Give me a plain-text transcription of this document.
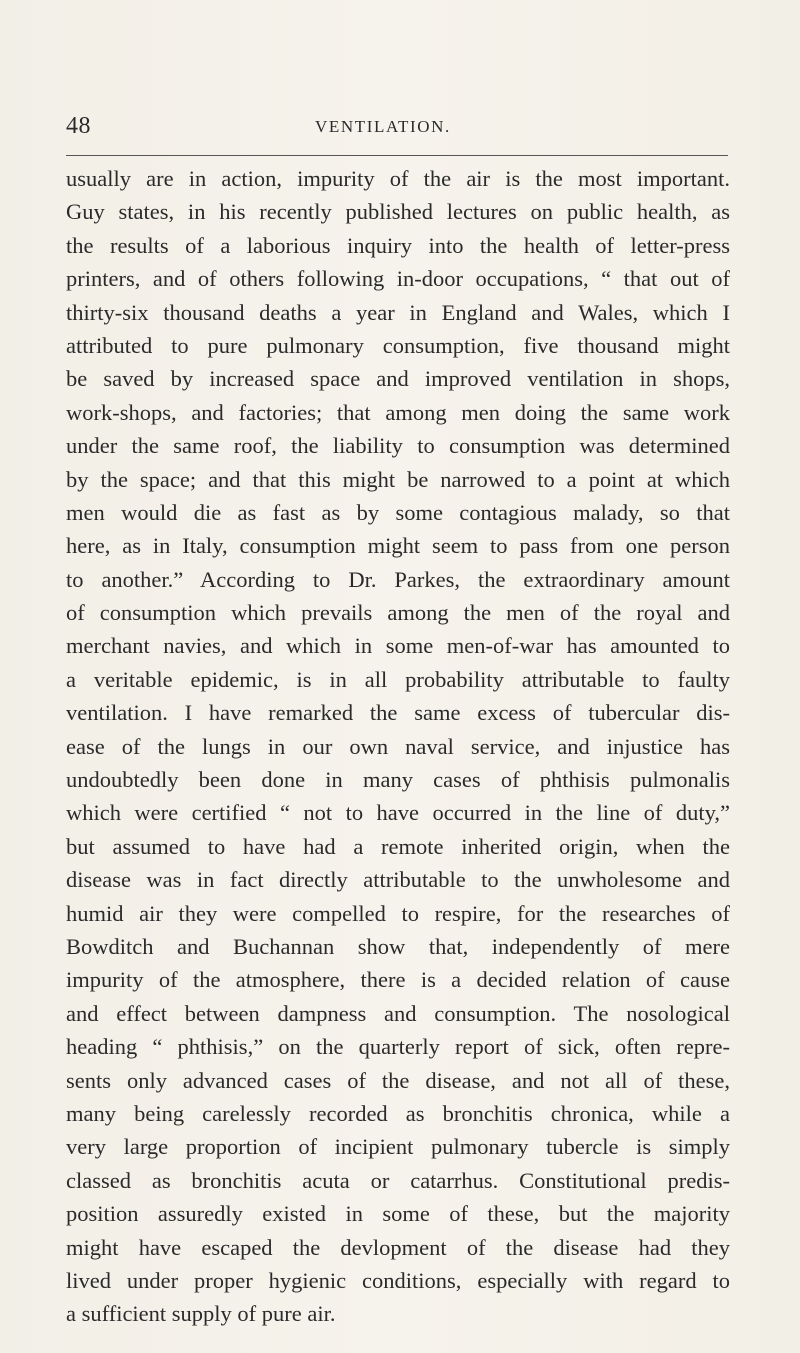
48	VENTILATION.
usually are in action, impurity of the air is the most important.
Guy states, in his recently published lectures on public health, as
the results of a laborious inquiry into the health of letter-press
printers, and of others following in-door occupations, “ that out of
thirty-six thousand deaths a year in England and Wales, which I
attributed to pure pulmonary consumption, five thousand might
be saved by increased space and improved ventilation in shops,
work-shops, and factories; that among men doing the same work
under the same roof, the liability to consumption was determined
by the space; and that this might be narrowed to a point at which
men would die as fast as by some contagious malady, so that
here, as in Italy, consumption might seem to pass from one person
to another.” According to Dr. Parkes, the extraordinary amount
of consumption which prevails among the men of the royal and
merchant navies, and which in some men-of-war has amounted to
a veritable epidemic, is in all probability attributable to faulty
ventilation. I have remarked the same excess of tubercular dis-
ease of the lungs in our own naval service, and injustice has
undoubtedly been done in many cases of phthisis pulmonalis
which were certified “ not to have occurred in the line of duty,”
but assumed to have had a remote inherited origin, when the
disease was in fact directly attributable to the unwholesome and
humid air they were compelled to respire, for the researches of
Bowditch and Buchannan show that, independently of mere
impurity of the atmosphere, there is a decided relation of cause
and effect between dampness and consumption. The nosological
heading “ phthisis,” on the quarterly report of sick, often repre-
sents only advanced cases of the disease, and not all of these,
many being carelessly recorded as bronchitis chronica, while a
very large proportion of incipient pulmonary tubercle is simply
classed as bronchitis acuta or catarrhus. Constitutional predis-
position assuredly existed in some of these, but the majority
might have escaped the devlopment of the disease had they
lived under proper hygienic conditions, especially with regard to
a sufficient supply of pure air.
